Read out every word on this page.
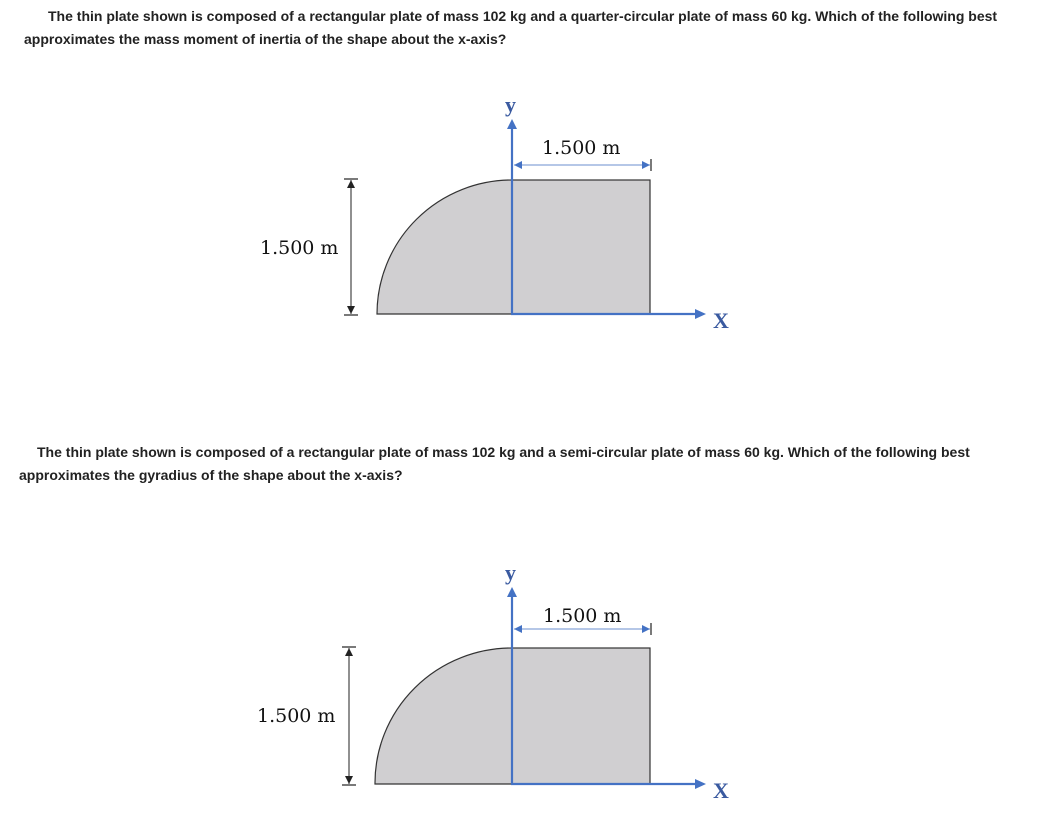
The thin plate shown is composed of a rectangular plate of mass 102 kg and a quarter-circular plate of mass 60 kg. Which of the following best approximates the mass moment of inertia of the shape about the x-axis?

1.500 m
1.500 m
y
X

The thin plate shown is composed of a rectangular plate of mass 102 kg and a semi-circular plate of mass 60 kg. Which of the following best approximates the gyradius of the shape about the x-axis?

1.500 m
1.500 m
y
X
